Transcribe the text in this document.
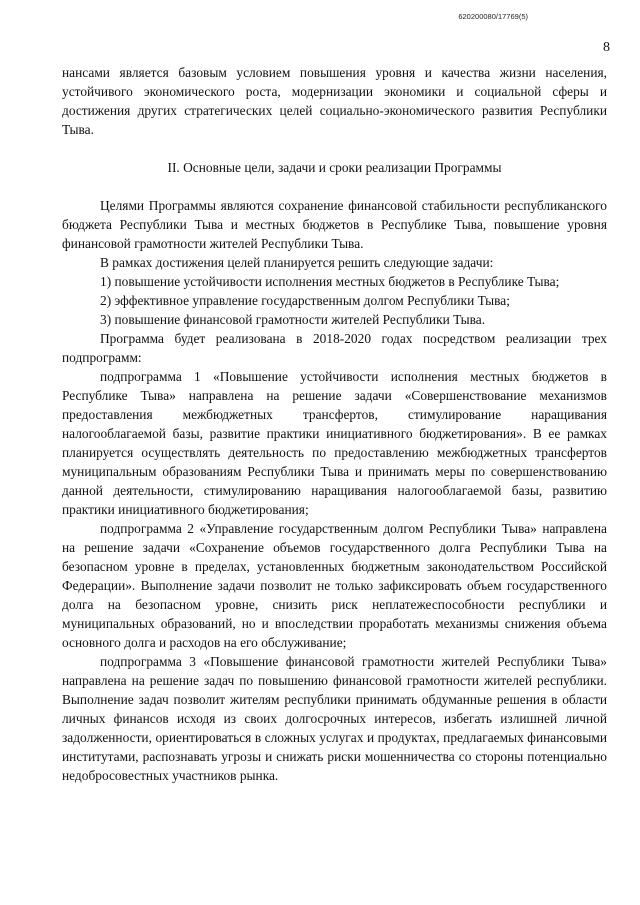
620200080/17769(5)
8

нансами является базовым условием повышения уровня и качества жизни населения, устойчивого экономического роста, модернизации экономики и социальной сферы и достижения других стратегических целей социально-экономического развития Республики Тыва.

II. Основные цели, задачи и сроки реализации Программы

Целями Программы являются сохранение финансовой стабильности республиканского бюджета Республики Тыва и местных бюджетов в Республике Тыва, повышение уровня финансовой грамотности жителей Республики Тыва.

В рамках достижения целей планируется решить следующие задачи:

1) повышение устойчивости исполнения местных бюджетов в Республике Тыва;

2) эффективное управление государственным долгом Республики Тыва;

3) повышение финансовой грамотности жителей Республики Тыва.

Программа будет реализована в 2018-2020 годах посредством реализации трех подпрограмм:

подпрограмма 1 «Повышение устойчивости исполнения местных бюджетов в Республике Тыва» направлена на решение задачи «Совершенствование механизмов предоставления межбюджетных трансфертов, стимулирование наращивания налогооблагаемой базы, развитие практики инициативного бюджетирования». В ее рамках планируется осуществлять деятельность по предоставлению межбюджетных трансфертов муниципальным образованиям Республики Тыва и принимать меры по совершенствованию данной деятельности, стимулированию наращивания налогооблагаемой базы, развитию практики инициативного бюджетирования;

подпрограмма 2 «Управление государственным долгом Республики Тыва» направлена на решение задачи «Сохранение объемов государственного долга Республики Тыва на безопасном уровне в пределах, установленных бюджетным законодательством Российской Федерации». Выполнение задачи позволит не только зафиксировать объем государственного долга на безопасном уровне, снизить риск неплатежеспособности республики и муниципальных образований, но и впоследствии проработать механизмы снижения объема основного долга и расходов на его обслуживание;

подпрограмма 3 «Повышение финансовой грамотности жителей Республики Тыва» направлена на решение задач по повышению финансовой грамотности жителей республики. Выполнение задач позволит жителям республики принимать обдуманные решения в области личных финансов исходя из своих долгосрочных интересов, избегать излишней личной задолженности, ориентироваться в сложных услугах и продуктах, предлагаемых финансовыми институтами, распознавать угрозы и снижать риски мошенничества со стороны потенциально недобросовестных участников рынка.
